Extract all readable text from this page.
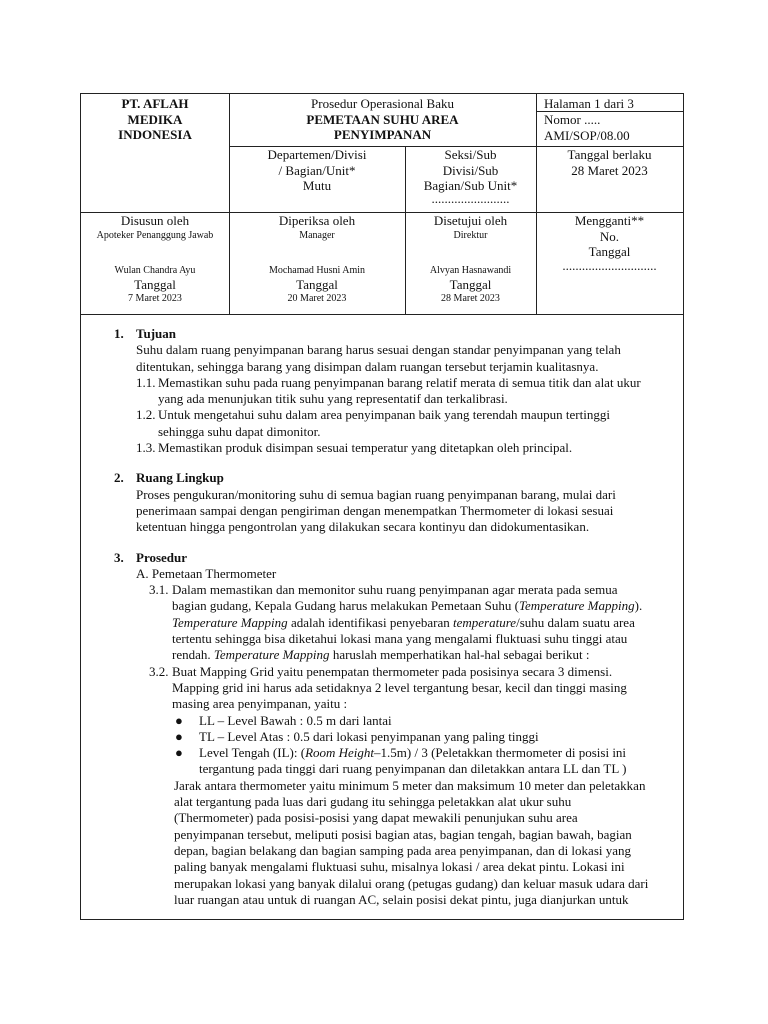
PT. AFLAH
MEDIKA
INDONESIA
Prosedur Operasional Baku
PEMETAAN SUHU AREA
PENYIMPANAN
Halaman 1 dari 3
Nomor .....
AMI/SOP/08.00
Departemen/Divisi
/ Bagian/Unit*
Mutu
Seksi/Sub
Divisi/Sub
Bagian/Sub Unit*
........................
Tanggal berlaku
28 Maret 2023
Disusun oleh
Apoteker Penanggung Jawab
Wulan Chandra Ayu
Tanggal
7 Maret 2023
Diperiksa oleh
Manager
Mochamad Husni Amin
Tanggal
20 Maret 2023
Disetujui oleh
Direktur
Alvyan Hasnawandi
Tanggal
28 Maret 2023
Mengganti**
No.
Tanggal
.............................
1. Tujuan
Suhu dalam ruang penyimpanan barang harus sesuai dengan standar penyimpanan yang telah
ditentukan, sehingga barang yang disimpan dalam ruangan tersebut terjamin kualitasnya.
1.1. Memastikan suhu pada ruang penyimpanan barang relatif merata di semua titik dan alat ukur
yang ada menunjukan titik suhu yang representatif dan terkalibrasi.
1.2. Untuk mengetahui suhu dalam area penyimpanan baik yang terendah maupun tertinggi
sehingga suhu dapat dimonitor.
1.3. Memastikan produk disimpan sesuai temperatur yang ditetapkan oleh principal.
2. Ruang Lingkup
Proses pengukuran/monitoring suhu di semua bagian ruang penyimpanan barang, mulai dari
penerimaan sampai dengan pengiriman dengan menempatkan Thermometer di lokasi sesuai
ketentuan hingga pengontrolan yang dilakukan secara kontinyu dan didokumentasikan.
3. Prosedur
A. Pemetaan Thermometer
3.1. Dalam memastikan dan memonitor suhu ruang penyimpanan agar merata pada semua
bagian gudang, Kepala Gudang harus melakukan Pemetaan Suhu (Temperature Mapping).
Temperature Mapping adalah identifikasi penyebaran temperature/suhu dalam suatu area
tertentu sehingga bisa diketahui lokasi mana yang mengalami fluktuasi suhu tinggi atau
rendah. Temperature Mapping haruslah memperhatikan hal-hal sebagai berikut :
3.2. Buat Mapping Grid yaitu penempatan thermometer pada posisinya secara 3 dimensi.
Mapping grid ini harus ada setidaknya 2 level tergantung besar, kecil dan tinggi masing
masing area penyimpanan, yaitu :
● LL – Level Bawah : 0.5 m dari lantai
● TL – Level Atas : 0.5 dari lokasi penyimpanan yang paling tinggi
● Level Tengah (IL): (Room Height–1.5m) / 3 (Peletakkan thermometer di posisi ini
tergantung pada tinggi dari ruang penyimpanan dan diletakkan antara LL dan TL )
Jarak antara thermometer yaitu minimum 5 meter dan maksimum 10 meter dan peletakkan
alat tergantung pada luas dari gudang itu sehingga peletakkan alat ukur suhu
(Thermometer) pada posisi-posisi yang dapat mewakili penunjukan suhu area
penyimpanan tersebut, meliputi posisi bagian atas, bagian tengah, bagian bawah, bagian
depan, bagian belakang dan bagian samping pada area penyimpanan, dan di lokasi yang
paling banyak mengalami fluktuasi suhu, misalnya lokasi / area dekat pintu. Lokasi ini
merupakan lokasi yang banyak dilalui orang (petugas gudang) dan keluar masuk udara dari
luar ruangan atau untuk di ruangan AC, selain posisi dekat pintu, juga dianjurkan untuk
